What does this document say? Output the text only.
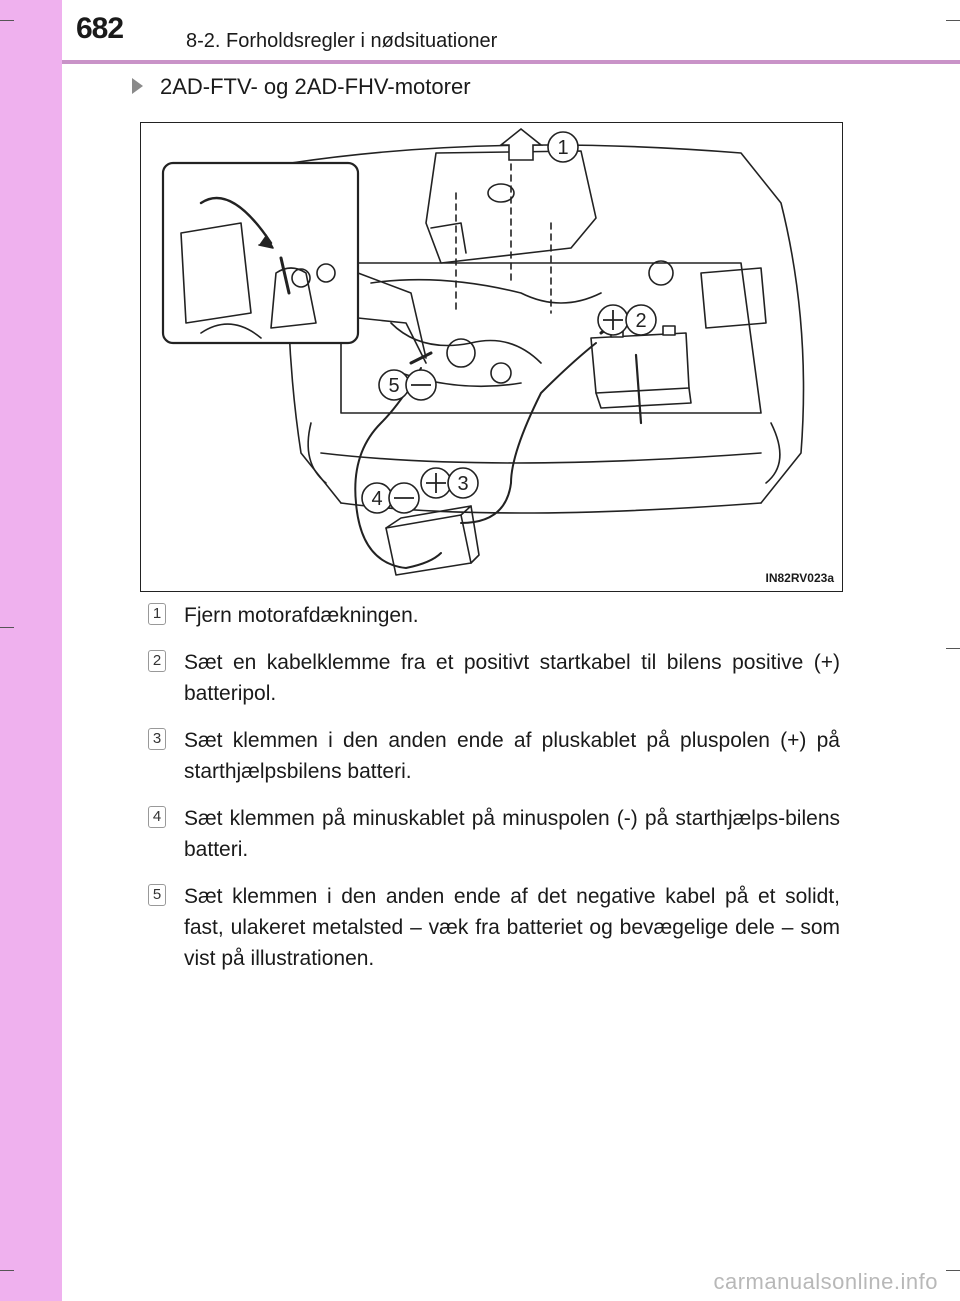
682	8-2. Forholdsregler i nødsituationer
2AD-FTV- og 2AD-FHV-motorer
1
2
5
4
3
IN82RV023a
1 Fjern motorafdækningen.
2 Sæt en kabelklemme fra et positivt startkabel til bilens positive (+) batteripol.
3 Sæt klemmen i den anden ende af pluskablet på pluspolen (+) på starthjælpsbilens batteri.
4 Sæt klemmen på minuskablet på minuspolen (-) på starthjælps-bilens batteri.
5 Sæt klemmen i den anden ende af det negative kabel på et solidt, fast, ulakeret metalsted – væk fra batteriet og bevægelige dele – som vist på illustrationen.
carmanualsonline.info
